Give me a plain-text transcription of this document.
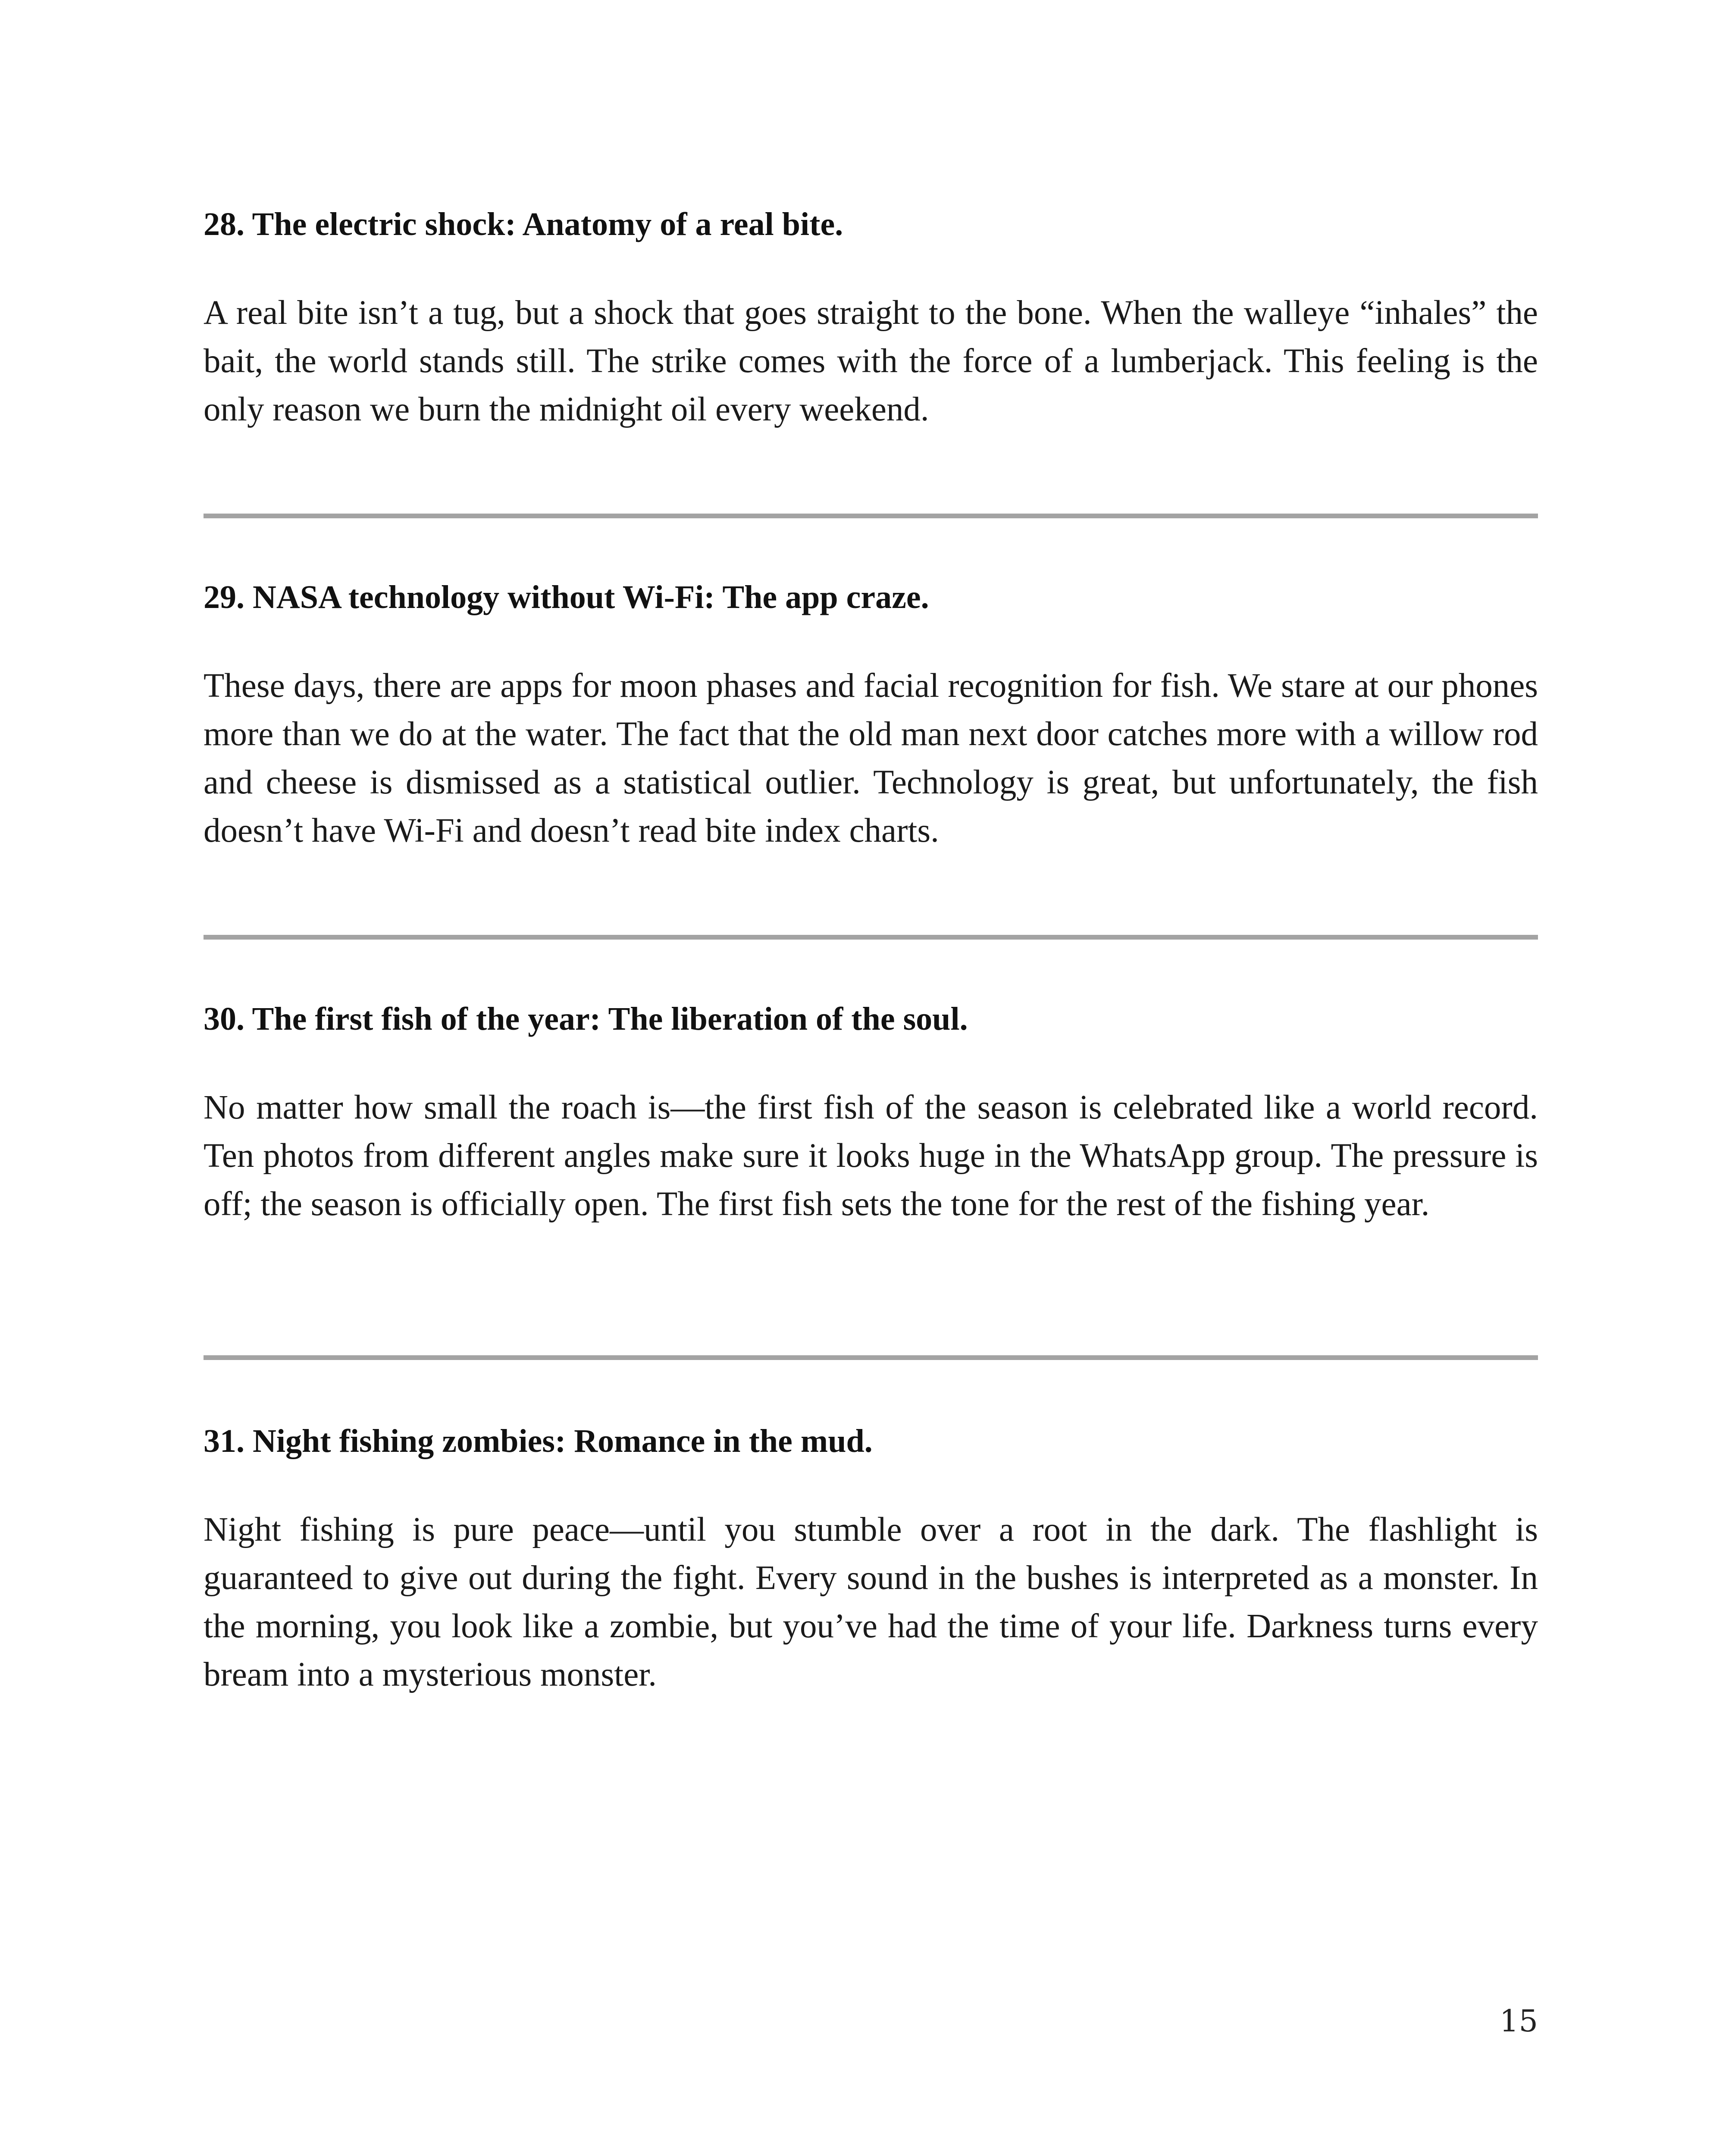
28. The electric shock: Anatomy of a real bite.

A real bite isn’t a tug, but a shock that goes straight to the bone. When the walleye “inhales” the bait, the world stands still. The strike comes with the force of a lumberjack. This feeling is the only reason we burn the midnight oil every weekend.

29. NASA technology without Wi-Fi: The app craze.

These days, there are apps for moon phases and facial recognition for fish. We stare at our phones more than we do at the water. The fact that the old man next door catches more with a willow rod and cheese is dismissed as a statistical outlier. Technology is great, but unfortunately, the fish doesn’t have Wi-Fi and doesn’t read bite index charts.

30. The first fish of the year: The liberation of the soul.

No matter how small the roach is—the first fish of the season is celebrated like a world record. Ten photos from different angles make sure it looks huge in the WhatsApp group. The pressure is off; the season is officially open. The first fish sets the tone for the rest of the fishing year.

31. Night fishing zombies: Romance in the mud.

Night fishing is pure peace—until you stumble over a root in the dark. The flashlight is guaranteed to give out during the fight. Every sound in the bushes is interpreted as a monster. In the morning, you look like a zombie, but you’ve had the time of your life. Darkness turns every bream into a mysterious monster.

15
